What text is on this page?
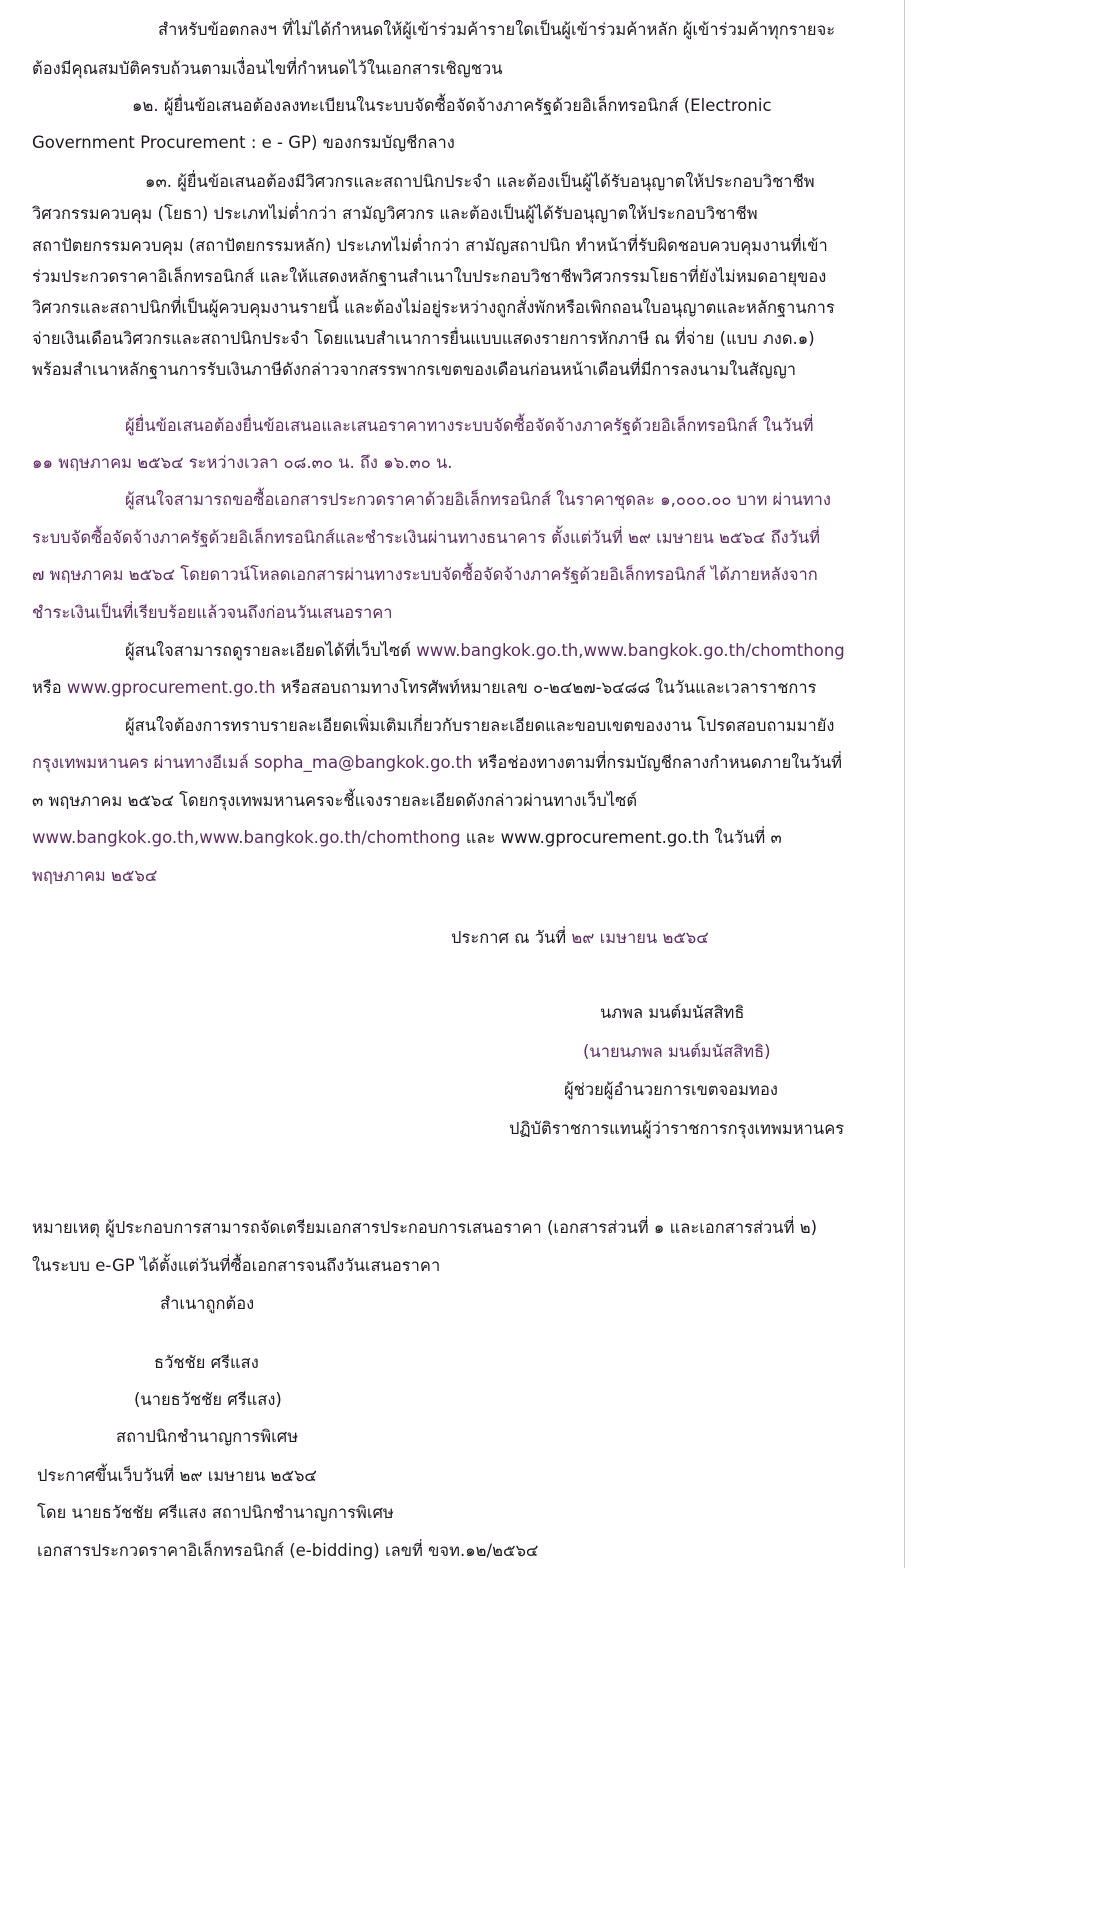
สำหรับข้อตกลงฯ ที่ไม่ได้กำหนดให้ผู้เข้าร่วมค้ารายใดเป็นผู้เข้าร่วมค้าหลัก ผู้เข้าร่วมค้าทุกรายจะ
ต้องมีคุณสมบัติครบถ้วนตามเงื่อนไขที่กำหนดไว้ในเอกสารเชิญชวน
๑๒. ผู้ยื่นข้อเสนอต้องลงทะเบียนในระบบจัดซื้อจัดจ้างภาครัฐด้วยอิเล็กทรอนิกส์ (Electronic
Government Procurement : e - GP) ของกรมบัญชีกลาง
๑๓. ผู้ยื่นข้อเสนอต้องมีวิศวกรและสถาปนิกประจำ และต้องเป็นผู้ได้รับอนุญาตให้ประกอบวิชาชีพ
วิศวกรรมควบคุม (โยธา) ประเภทไม่ต่ำกว่า สามัญวิศวกร และต้องเป็นผู้ได้รับอนุญาตให้ประกอบวิชาชีพ
สถาปัตยกรรมควบคุม (สถาปัตยกรรมหลัก) ประเภทไม่ต่ำกว่า สามัญสถาปนิก ทำหน้าที่รับผิดชอบควบคุมงานที่เข้า
ร่วมประกวดราคาอิเล็กทรอนิกส์ และให้แสดงหลักฐานสำเนาใบประกอบวิชาชีพวิศวกรรมโยธาที่ยังไม่หมดอายุของ
วิศวกรและสถาปนิกที่เป็นผู้ควบคุมงานรายนี้ และต้องไม่อยู่ระหว่างถูกสั่งพักหรือเพิกถอนใบอนุญาตและหลักฐานการ
จ่ายเงินเดือนวิศวกรและสถาปนิกประจำ โดยแนบสำเนาการยื่นแบบแสดงรายการหักภาษี ณ ที่จ่าย (แบบ ภงด.๑)
พร้อมสำเนาหลักฐานการรับเงินภาษีดังกล่าวจากสรรพากรเขตของเดือนก่อนหน้าเดือนที่มีการลงนามในสัญญา
ผู้ยื่นข้อเสนอต้องยื่นข้อเสนอและเสนอราคาทางระบบจัดซื้อจัดจ้างภาครัฐด้วยอิเล็กทรอนิกส์ ในวันที่
๑๑ พฤษภาคม ๒๕๖๔ ระหว่างเวลา ๐๘.๓๐ น. ถึง ๑๖.๓๐ น.
ผู้สนใจสามารถขอซื้อเอกสารประกวดราคาด้วยอิเล็กทรอนิกส์ ในราคาชุดละ ๑,๐๐๐.๐๐ บาท ผ่านทาง
ระบบจัดซื้อจัดจ้างภาครัฐด้วยอิเล็กทรอนิกส์และชำระเงินผ่านทางธนาคาร ตั้งแต่วันที่ ๒๙ เมษายน ๒๕๖๔ ถึงวันที่
๗ พฤษภาคม ๒๕๖๔ โดยดาวน์โหลดเอกสารผ่านทางระบบจัดซื้อจัดจ้างภาครัฐด้วยอิเล็กทรอนิกส์ ได้ภายหลังจาก
ชำระเงินเป็นที่เรียบร้อยแล้วจนถึงก่อนวันเสนอราคา
ผู้สนใจสามารถดูรายละเอียดได้ที่เว็บไซต์ www.bangkok.go.th,www.bangkok.go.th/chomthong
หรือ www.gprocurement.go.th หรือสอบถามทางโทรศัพท์หมายเลข ๐-๒๔๒๗-๖๔๘๘ ในวันและเวลาราชการ
ผู้สนใจต้องการทราบรายละเอียดเพิ่มเติมเกี่ยวกับรายละเอียดและขอบเขตของงาน โปรดสอบถามมายัง
กรุงเทพมหานคร ผ่านทางอีเมล์ sopha_ma@bangkok.go.th หรือช่องทางตามที่กรมบัญชีกลางกำหนดภายในวันที่
๓ พฤษภาคม ๒๕๖๔ โดยกรุงเทพมหานครจะชี้แจงรายละเอียดดังกล่าวผ่านทางเว็บไซต์
www.bangkok.go.th,www.bangkok.go.th/chomthong และ www.gprocurement.go.th ในวันที่ ๓
พฤษภาคม ๒๕๖๔
ประกาศ ณ วันที่ ๒๙ เมษายน ๒๕๖๔
นภพล มนต์มนัสสิทธิ
(นายนภพล มนต์มนัสสิทธิ)
ผู้ช่วยผู้อำนวยการเขตจอมทอง
ปฏิบัติราชการแทนผู้ว่าราชการกรุงเทพมหานคร
หมายเหตุ ผู้ประกอบการสามารถจัดเตรียมเอกสารประกอบการเสนอราคา (เอกสารส่วนที่ ๑ และเอกสารส่วนที่ ๒)
ในระบบ e-GP ได้ตั้งแต่วันที่ซื้อเอกสารจนถึงวันเสนอราคา
สำเนาถูกต้อง
ธวัชชัย ศรีแสง
(นายธวัชชัย ศรีแสง)
สถาปนิกชำนาญการพิเศษ
ประกาศขึ้นเว็บวันที่ ๒๙ เมษายน ๒๕๖๔
โดย นายธวัชชัย ศรีแสง สถาปนิกชำนาญการพิเศษ
เอกสารประกวดราคาอิเล็กทรอนิกส์ (e-bidding) เลขที่ ขจท.๑๒/๒๕๖๔
